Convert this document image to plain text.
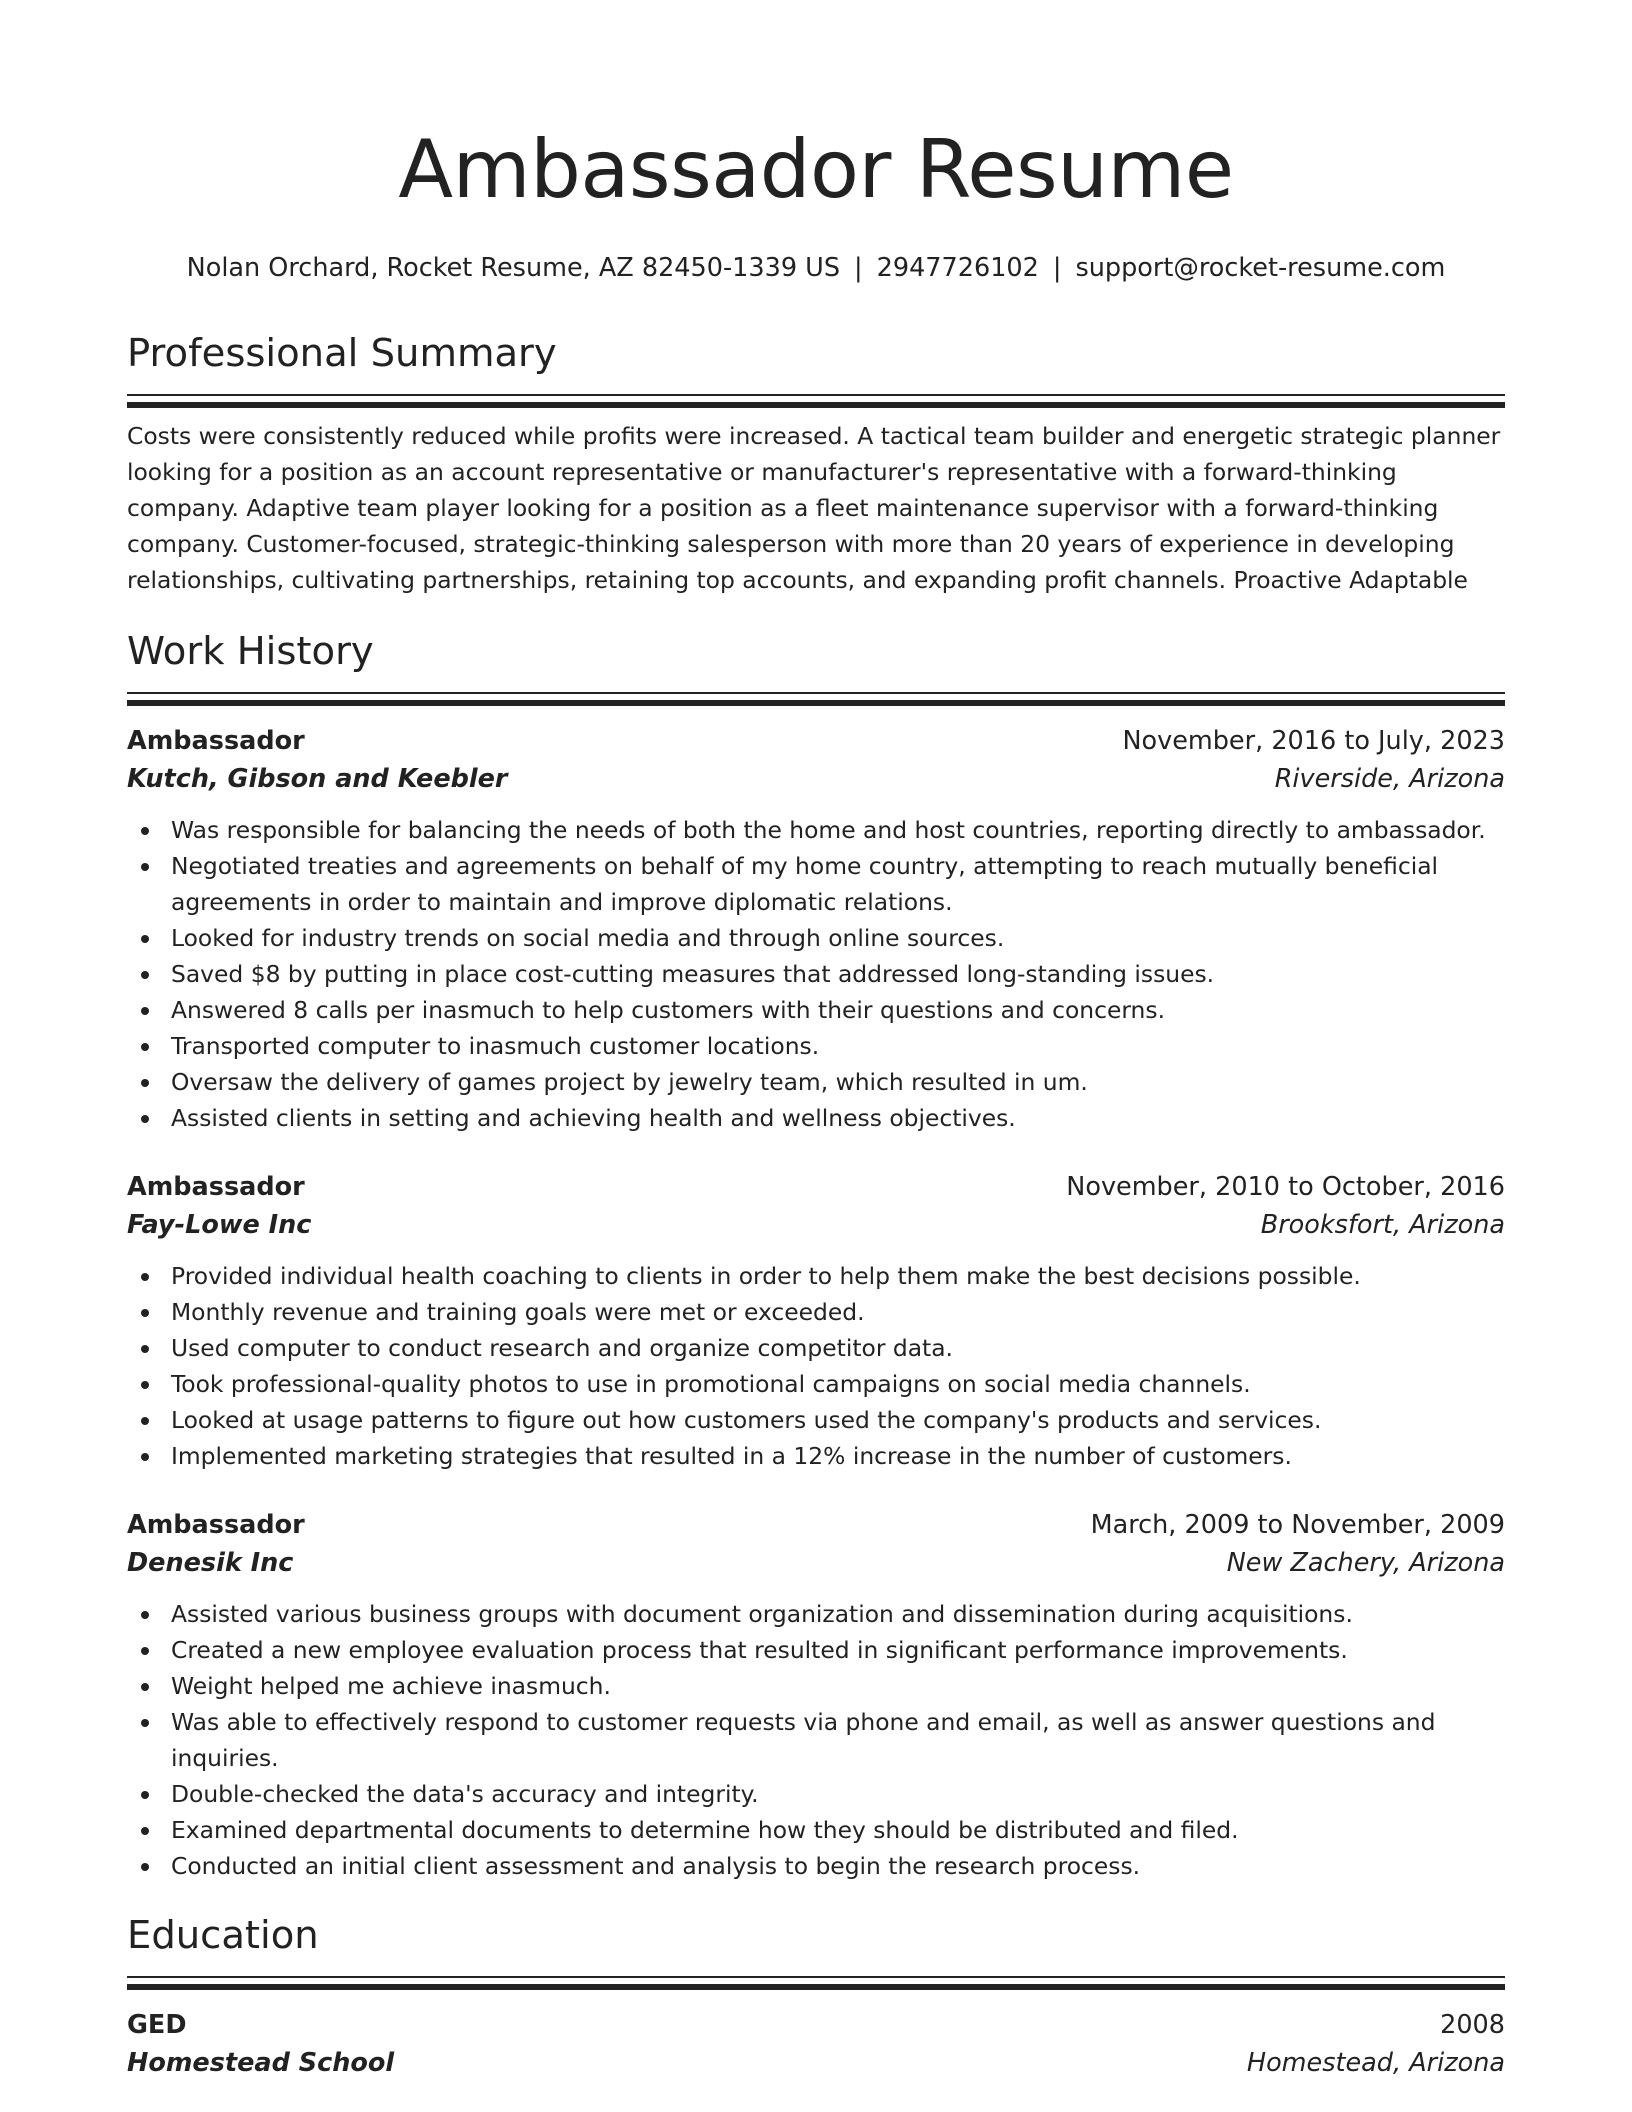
Ambassador Resume
Nolan Orchard, Rocket Resume, AZ 82450-1339 US | 2947726102 | support@rocket-resume.com
Professional Summary

Costs were consistently reduced while profits were increased. A tactical team builder and energetic strategic planner looking for a position as an account representative or manufacturer's representative with a forward-thinking company. Adaptive team player looking for a position as a fleet maintenance supervisor with a forward-thinking company. Customer-focused, strategic-thinking salesperson with more than 20 years of experience in developing relationships, cultivating partnerships, retaining top accounts, and expanding profit channels. Proactive Adaptable

Work History
Ambassador	November, 2016 to July, 2023
Kutch, Gibson and Keebler	Riverside, Arizona
Was responsible for balancing the needs of both the home and host countries, reporting directly to ambassador.
Negotiated treaties and agreements on behalf of my home country, attempting to reach mutually beneficial agreements in order to maintain and improve diplomatic relations.
Looked for industry trends on social media and through online sources.
Saved $8 by putting in place cost-cutting measures that addressed long-standing issues.
Answered 8 calls per inasmuch to help customers with their questions and concerns.
Transported computer to inasmuch customer locations.
Oversaw the delivery of games project by jewelry team, which resulted in um.
Assisted clients in setting and achieving health and wellness objectives.
Ambassador	November, 2010 to October, 2016
Fay-Lowe Inc	Brooksfort, Arizona
Provided individual health coaching to clients in order to help them make the best decisions possible.
Monthly revenue and training goals were met or exceeded.
Used computer to conduct research and organize competitor data.
Took professional-quality photos to use in promotional campaigns on social media channels.
Looked at usage patterns to figure out how customers used the company's products and services.
Implemented marketing strategies that resulted in a 12% increase in the number of customers.
Ambassador	March, 2009 to November, 2009
Denesik Inc	New Zachery, Arizona
Assisted various business groups with document organization and dissemination during acquisitions.
Created a new employee evaluation process that resulted in significant performance improvements.
Weight helped me achieve inasmuch.
Was able to effectively respond to customer requests via phone and email, as well as answer questions and inquiries.
Double-checked the data's accuracy and integrity.
Examined departmental documents to determine how they should be distributed and filed.
Conducted an initial client assessment and analysis to begin the research process.
Education
GED	2008
Homestead School	Homestead, Arizona
